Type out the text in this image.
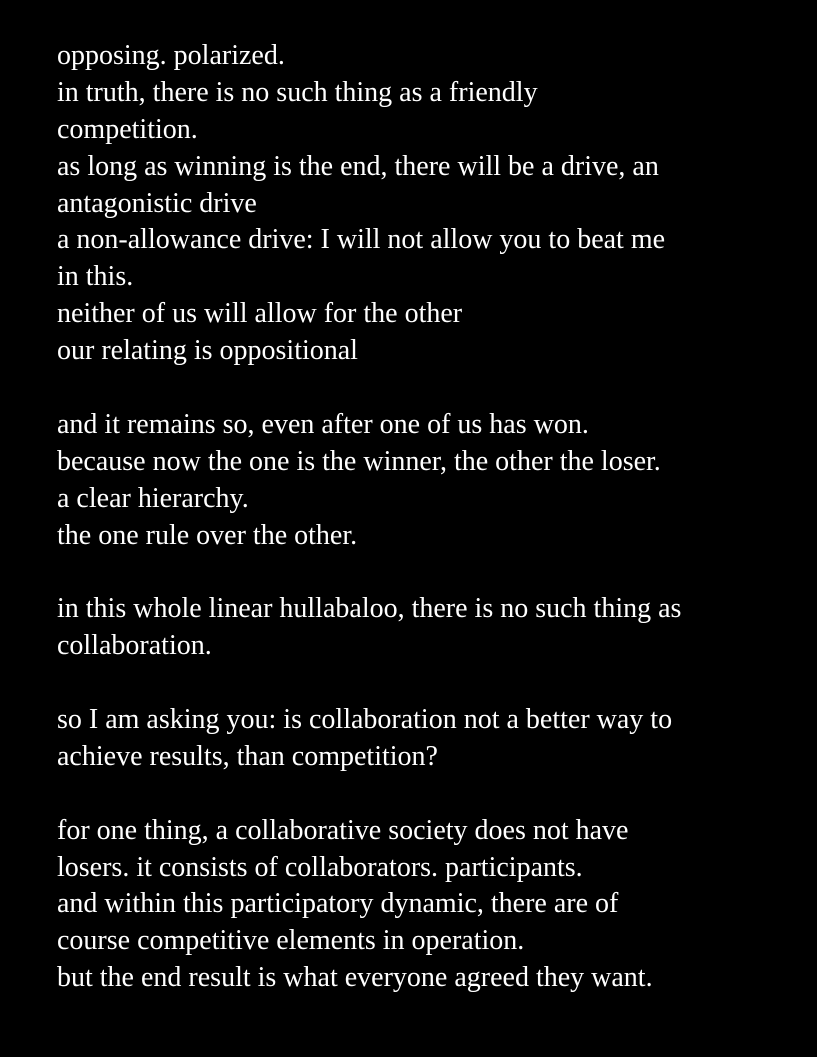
opposing. polarized.
in truth, there is no such thing as a friendly
competition.
as long as winning is the end, there will be a drive, an
antagonistic drive
a non-allowance drive: I will not allow you to beat me
in this.
neither of us will allow for the other
our relating is oppositional
and it remains so, even after one of us has won.
because now the one is the winner, the other the loser.
a clear hierarchy.
the one rule over the other.
in this whole linear hullabaloo, there is no such thing as
collaboration.
so I am asking you: is collaboration not a better way to
achieve results, than competition?
for one thing, a collaborative society does not have
losers. it consists of collaborators. participants.
and within this participatory dynamic, there are of
course competitive elements in operation.
but the end result is what everyone agreed they want.
